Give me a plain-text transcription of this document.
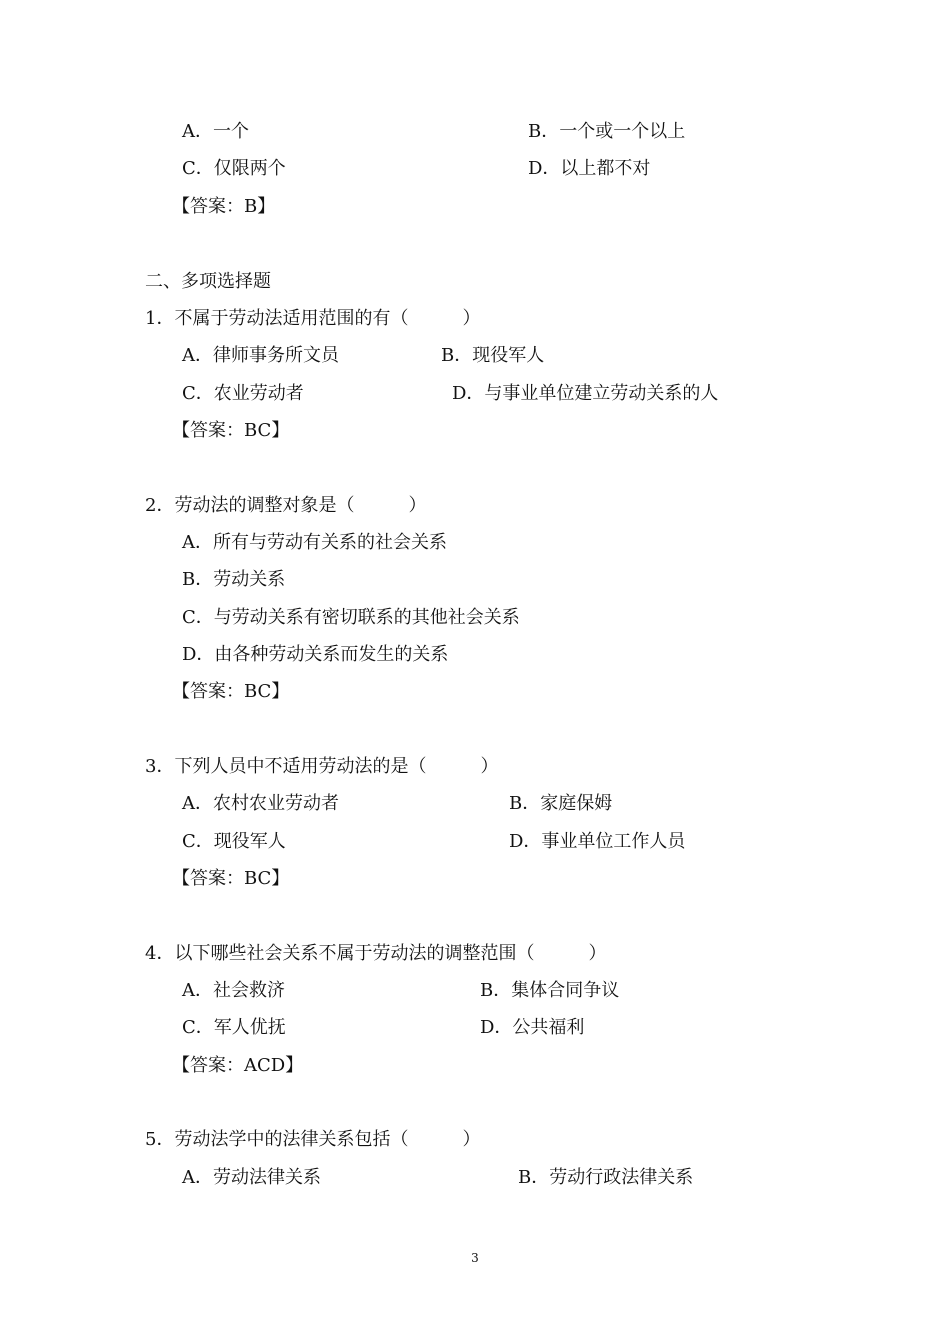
A．一个	B．一个或一个以上
C．仅限两个	D．以上都不对
【答案：B】
二、多项选择题
1．不属于劳动法适用范围的有（　　　）
A．律师事务所文员	B．现役军人
C．农业劳动者	D．与事业单位建立劳动关系的人
【答案：BC】
2．劳动法的调整对象是（　　　）
A．所有与劳动有关系的社会关系
B．劳动关系
C．与劳动关系有密切联系的其他社会关系
D．由各种劳动关系而发生的关系
【答案：BC】
3．下列人员中不适用劳动法的是（　　　）
A．农村农业劳动者	B．家庭保姆
C．现役军人	D．事业单位工作人员
【答案：BC】
4．以下哪些社会关系不属于劳动法的调整范围（　　　）
A．社会救济	B．集体合同争议
C．军人优抚	D．公共福利
【答案：ACD】
5．劳动法学中的法律关系包括（　　　）
A．劳动法律关系	B．劳动行政法律关系
3
